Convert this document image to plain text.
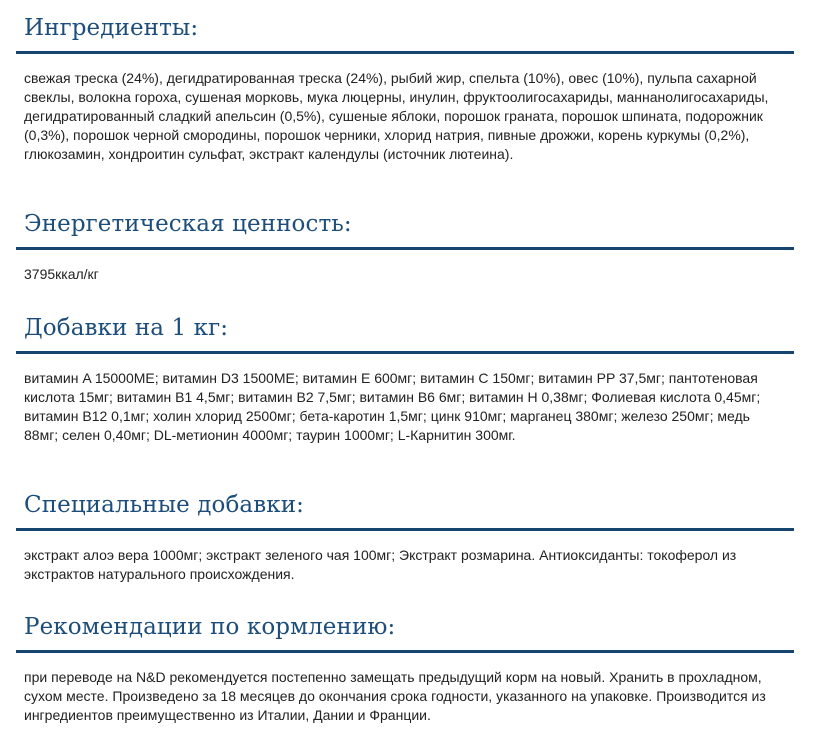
Ингредиенты:
свежая треска (24%), дегидратированная треска (24%), рыбий жир, спельта (10%), овес (10%), пульпа сахарной свеклы, волокна гороха, сушеная морковь, мука люцерны, инулин, фруктоолигосахариды, маннанолигосахариды, дегидратированный сладкий апельсин (0,5%), сушеные яблоки, порошок граната, порошок шпината, подорожник (0,3%), порошок черной смородины, порошок черники, хлорид натрия, пивные дрожжи, корень куркумы (0,2%), глюкозамин, хондроитин сульфат, экстракт календулы (источник лютеина).
Энергетическая ценность:
3795ккал/кг
Добавки на 1 кг:
витамин A 15000МЕ; витамин D3 1500МЕ; витамин Е 600мг; витамин С 150мг; витамин PP 37,5мг; пантотеновая кислота 15мг; витамин В1 4,5мг; витамин В2 7,5мг; витамин В6 6мг; витамин Н 0,38мг; Фолиевая кислота 0,45мг; витамин В12 0,1мг; холин хлорид 2500мг; бета-каротин 1,5мг; цинк 910мг; марганец 380мг; железо 250мг; медь 88мг; селен 0,40мг; DL-метионин 4000мг; таурин 1000мг; L-Карнитин 300мг.
Специальные добавки:
экстракт алоэ вера 1000мг; экстракт зеленого чая 100мг; Экстракт розмарина. Антиоксиданты: токоферол из экстрактов натурального происхождения.
Рекомендации по кормлению:
при переводе на N&D рекомендуется постепенно замещать предыдущий корм на новый. Хранить в прохладном, сухом месте. Произведено за 18 месяцев до окончания срока годности, указанного на упаковке. Производится из ингредиентов преимущественно из Италии, Дании и Франции.
